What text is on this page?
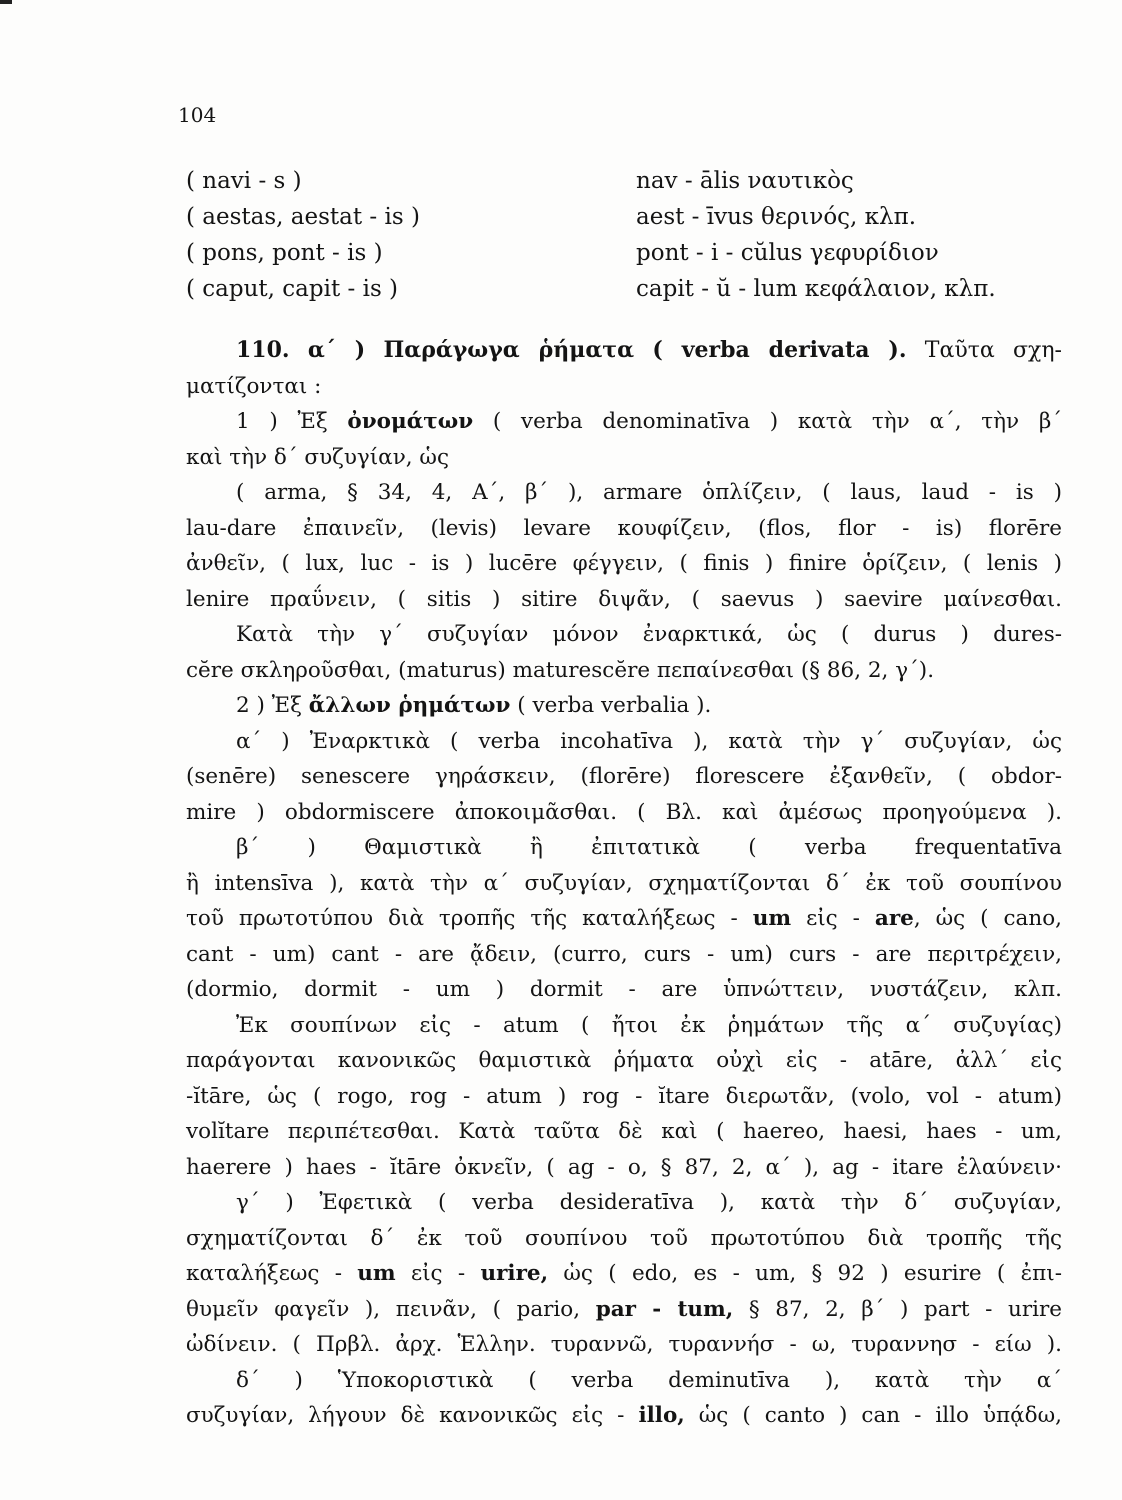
104
( navi - s )	nav - ālis ναυτικὸς
( aestas, aestat - is )	aest - īvus θερινός, κλπ.
( pons, pont - is )	pont - i - cŭlus γεφυρίδιον
( caput, capit - is )	capit - ŭ - lum κεφάλαιον, κλπ.
110. α΄ ) Παράγωγα ῥήματα ( verba derivata ). Ταῦτα σχη-
ματίζονται :
1 ) Ἐξ ὀνομάτων ( verba denominatīva ) κατὰ τὴν α΄, τὴν β΄
καὶ τὴν δ΄ συζυγίαν, ὡς
( arma, § 34, 4, Α΄, β΄ ), armare ὁπλίζειν, ( laus, laud - is )
lau-dare ἐπαινεῖν, (levis) levare κουφίζειν, (flos, flor - is) florēre
ἀνθεῖν, ( lux, luc - is ) lucēre φέγγειν, ( finis ) finire ὁρίζειν, ( lenis )
lenire πραΰνειν, ( sitis ) sitire διψᾶν, ( saevus ) saevire μαίνεσθαι.
Κατὰ τὴν γ΄ συζυγίαν μόνον ἐναρκτικά, ὡς ( durus ) dures-
cĕre σκληροῦσθαι, (maturus) maturescĕre πεπαίνεσθαι (§ 86, 2, γ΄).
2 ) Ἐξ ἄλλων ῥημάτων ( verba verbalia ).
α΄ ) Ἐναρκτικὰ ( verba incohatīva ), κατὰ τὴν γ΄ συζυγίαν, ὡς
(senēre) senescere γηράσκειν, (florēre) florescere ἐξανθεῖν, ( obdor-
mire ) obdormiscere ἀποκοιμᾶσθαι. ( Βλ. καὶ ἀμέσως προηγούμενα ).
β΄ ) Θαμιστικὰ ἢ ἐπιτατικὰ ( verba frequentatīva
ἢ intensīva ), κατὰ τὴν α΄ συζυγίαν, σχηματίζονται δ΄ ἐκ τοῦ σουπίνου
τοῦ πρωτοτύπου διὰ τροπῆς τῆς καταλήξεως - um εἰς - are, ὡς ( cano,
cant - um) cant - are ᾄδειν, (curro, curs - um) curs - are περιτρέχειν,
(dormio, dormit - um ) dormit - are ὑπνώττειν, νυστάζειν, κλπ.
Ἐκ σουπίνων εἰς - atum ( ἤτοι ἐκ ῥημάτων τῆς α΄ συζυγίας)
παράγονται κανονικῶς θαμιστικὰ ῥήματα οὐχὶ εἰς - atāre, ἀλλ΄ εἰς
-ĭtāre, ὡς ( rogo, rog - atum ) rog - ĭtare διερωτᾶν, (volo, vol - atum)
volĭtare περιπέτεσθαι. Κατὰ ταῦτα δὲ καὶ ( haereo, haesi, haes - um,
haerere ) haes - ĭtāre ὀκνεῖν, ( ag - o, § 87, 2, α΄ ), ag - itare ἐλαύνειν·
γ΄ ) Ἐφετικὰ ( verba desideratīva ), κατὰ τὴν δ΄ συζυγίαν,
σχηματίζονται δ΄ ἐκ τοῦ σουπίνου τοῦ πρωτοτύπου διὰ τροπῆς τῆς
καταλήξεως - um εἰς - urire, ὡς ( edo, es - um, § 92 ) esurire ( ἐπι-
θυμεῖν φαγεῖν ), πεινᾶν, ( pario, par - tum, § 87, 2, β΄ ) part - urire
ὠδίνειν. ( Πρβλ. ἀρχ. Ἑλλην. τυραννῶ, τυραννήσ - ω, τυραννησ - είω ).
δ΄ ) Ὑποκοριστικὰ ( verba deminutīva ), κατὰ τὴν α΄
συζυγίαν, λήγουν δὲ κανονικῶς εἰς - illo, ὡς ( canto ) can - illo ὑπᾴδω,
